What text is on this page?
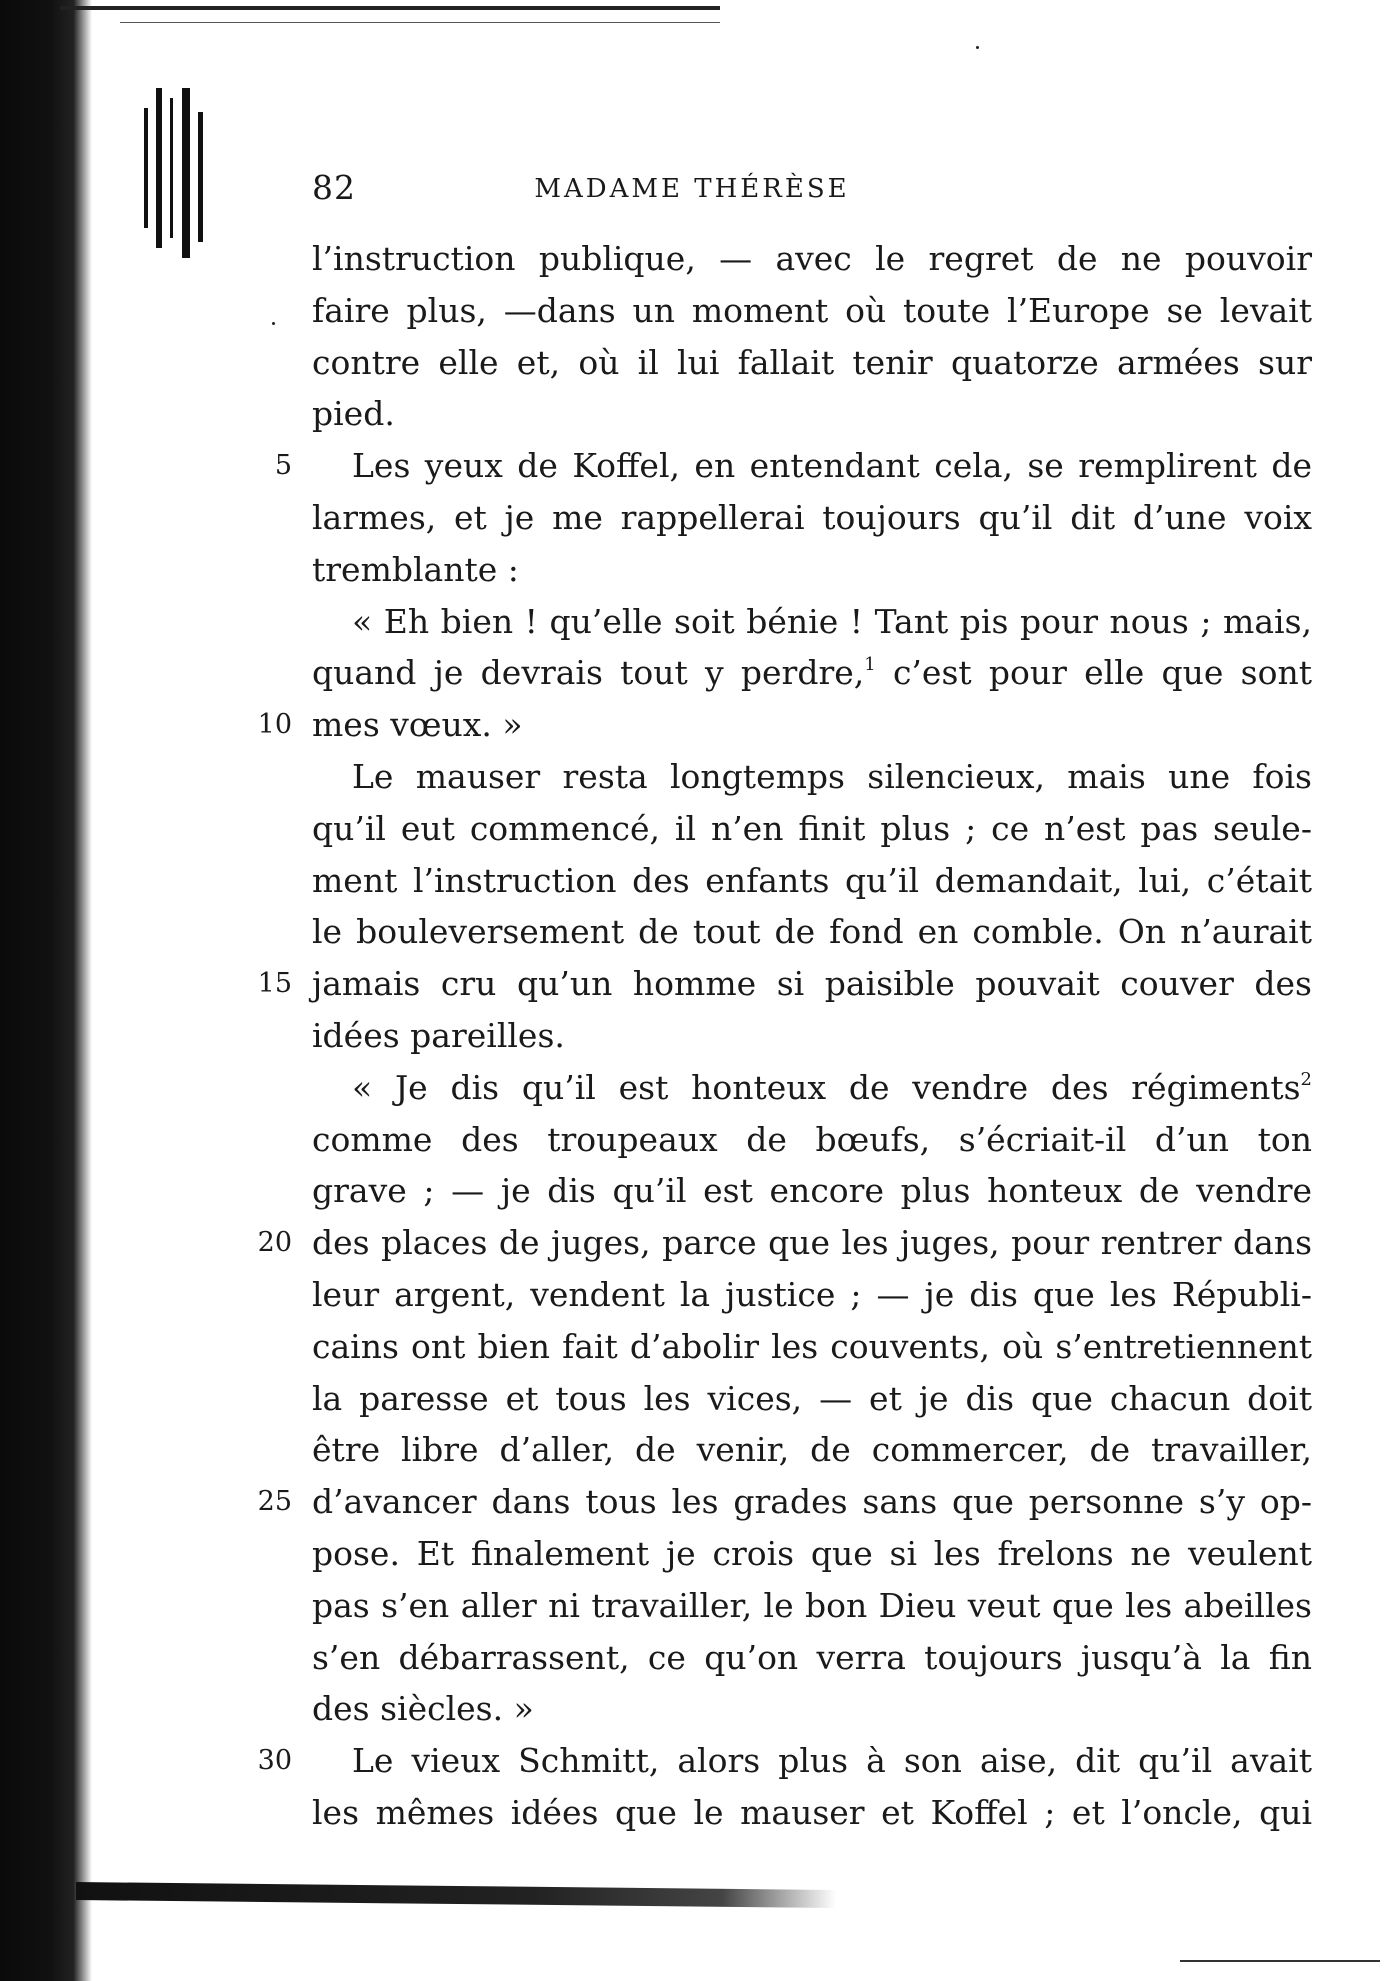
82	MADAME THÉRÈSE
l’instruction publique, — avec le regret de ne pouvoir
faire plus, —dans un moment où toute l’Europe se levait
contre elle et, où il lui fallait tenir quatorze armées sur
pied.
5	Les yeux de Koffel, en entendant cela, se remplirent de
larmes, et je me rappellerai toujours qu’il dit d’une voix
tremblante :
« Eh bien ! qu’elle soit bénie ! Tant pis pour nous ; mais,
quand je devrais tout y perdre,$^1$ c’est pour elle que sont
10 mes vœux. »
Le mauser resta longtemps silencieux, mais une fois
qu’il eut commencé, il n’en finit plus ; ce n’est pas seule-
ment l’instruction des enfants qu’il demandait, lui, c’était
le bouleversement de tout de fond en comble. On n’aurait
15 jamais cru qu’un homme si paisible pouvait couver des
idées pareilles.
« Je dis qu’il est honteux de vendre des régiments$^2$
comme des troupeaux de bœufs, s’écriait-il d’un ton
grave ; — je dis qu’il est encore plus honteux de vendre
20 des places de juges, parce que les juges, pour rentrer dans
leur argent, vendent la justice ; — je dis que les Républi-
cains ont bien fait d’abolir les couvents, où s’entretiennent
la paresse et tous les vices, — et je dis que chacun doit
être libre d’aller, de venir, de commercer, de travailler,
25 d’avancer dans tous les grades sans que personne s’y op-
pose. Et finalement je crois que si les frelons ne veulent
pas s’en aller ni travailler, le bon Dieu veut que les abeilles
s’en débarrassent, ce qu’on verra toujours jusqu’à la fin
des siècles. »
30	Le vieux Schmitt, alors plus à son aise, dit qu’il avait
les mêmes idées que le mauser et Koffel ; et l’oncle, qui
